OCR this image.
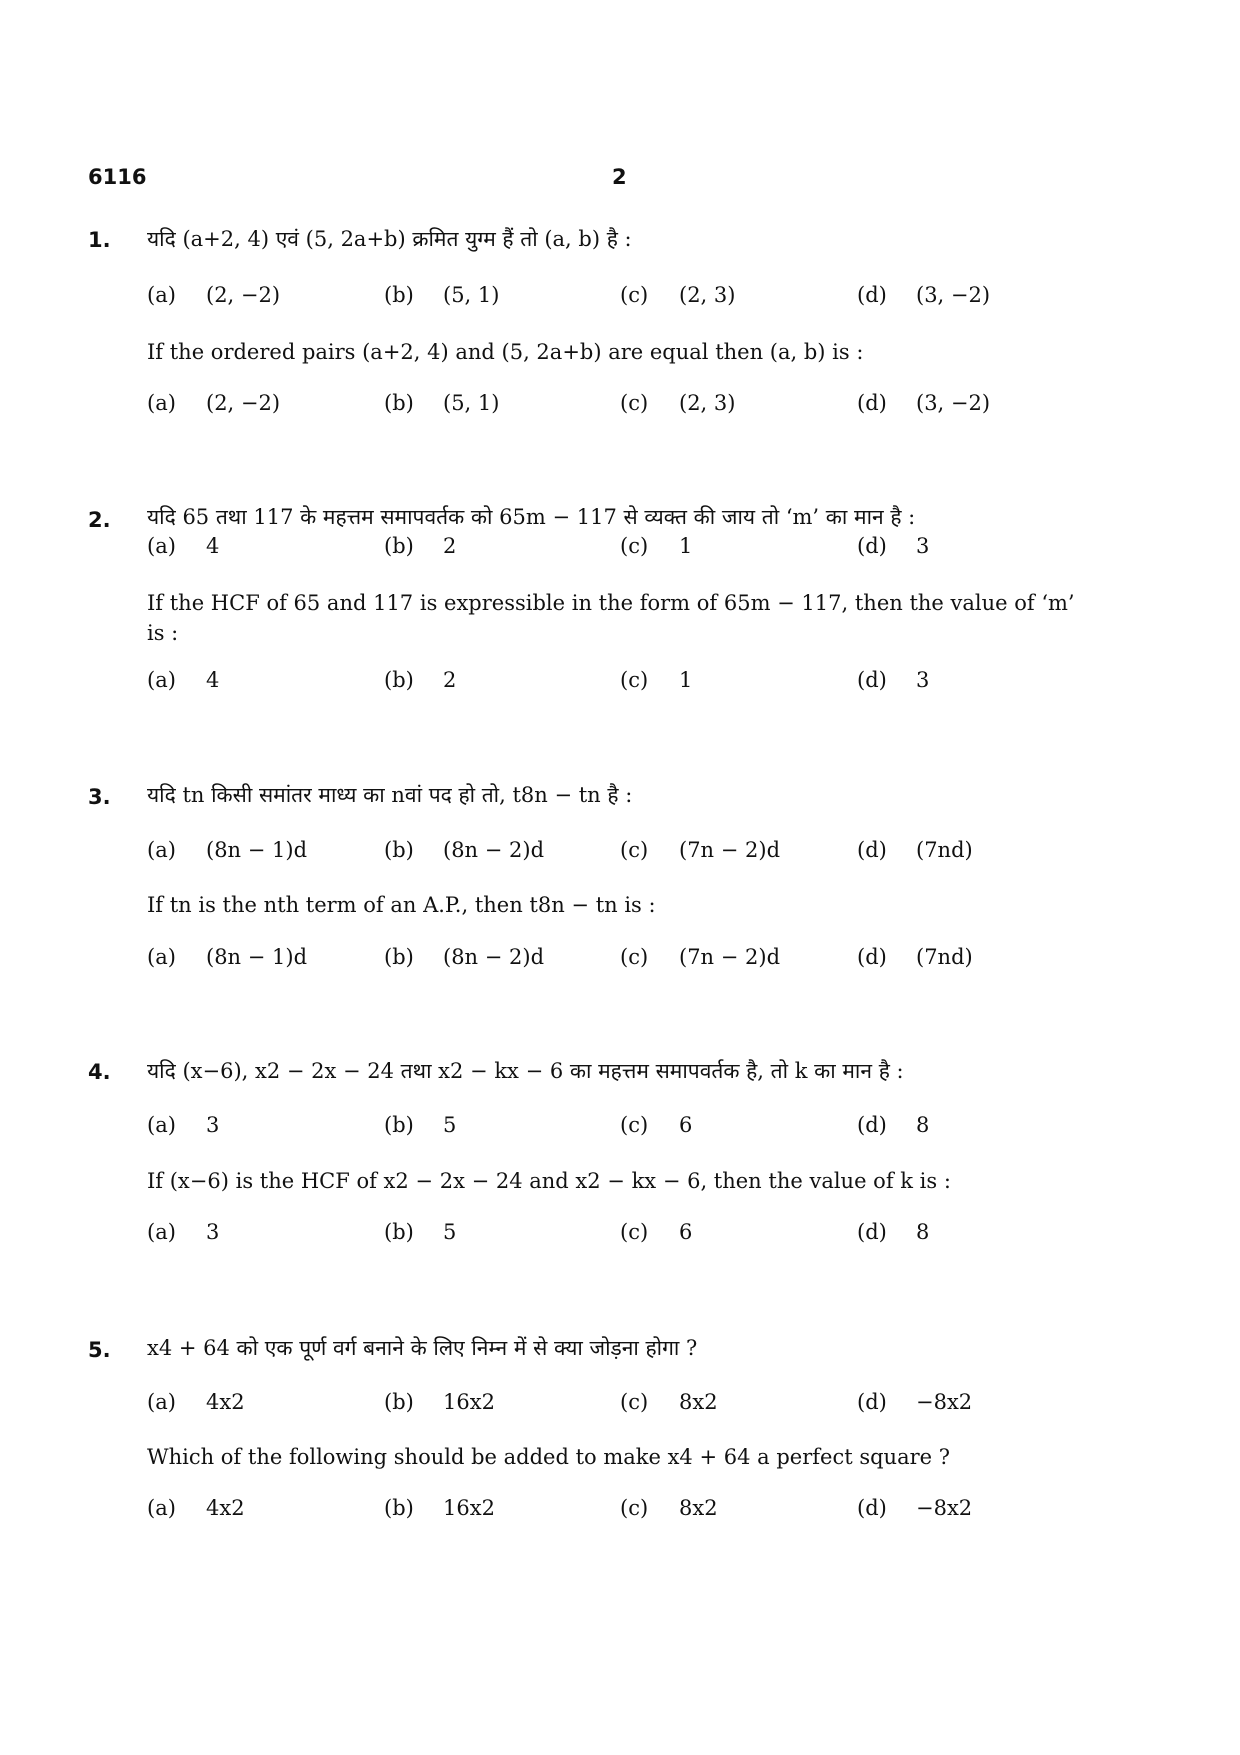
6116	2
1. यदि (a+2, 4) एवं (5, 2a+b) क्रमित युग्म हैं तो (a, b) है :
(a) (2, −2)	(b) (5, 1)	(c) (2, 3)	(d) (3, −2)
If the ordered pairs (a+2, 4) and (5, 2a+b) are equal then (a, b) is :
(a) (2, −2)	(b) (5, 1)	(c) (2, 3)	(d) (3, −2)
2. यदि 65 तथा 117 के महत्तम समापवर्तक को 65m − 117 से व्यक्त की जाय तो ‘m’ का मान है :
(a) 4	(b) 2	(c) 1	(d) 3
If the HCF of 65 and 117 is expressible in the form of 65m − 117, then the value of ‘m’ is :
(a) 4	(b) 2	(c) 1	(d) 3
3. यदि tn किसी समांतर माध्य का nवां पद हो तो, t8n − tn है :
(a) (8n − 1)d	(b) (8n − 2)d	(c) (7n − 2)d	(d) (7nd)
If tn is the nth term of an A.P., then t8n − tn is :
(a) (8n − 1)d	(b) (8n − 2)d	(c) (7n − 2)d	(d) (7nd)
4. यदि (x−6), x2 − 2x − 24 तथा x2 − kx − 6 का महत्तम समापवर्तक है, तो k का मान है :
(a) 3	(b) 5	(c) 6	(d) 8
If (x−6) is the HCF of x2 − 2x − 24 and x2 − kx − 6, then the value of k is :
(a) 3	(b) 5	(c) 6	(d) 8
5. x4 + 64 को एक पूर्ण वर्ग बनाने के लिए निम्न में से क्या जोड़ना होगा ?
(a) 4x2	(b) 16x2	(c) 8x2	(d) −8x2
Which of the following should be added to make x4 + 64 a perfect square ?
(a) 4x2	(b) 16x2	(c) 8x2	(d) −8x2
